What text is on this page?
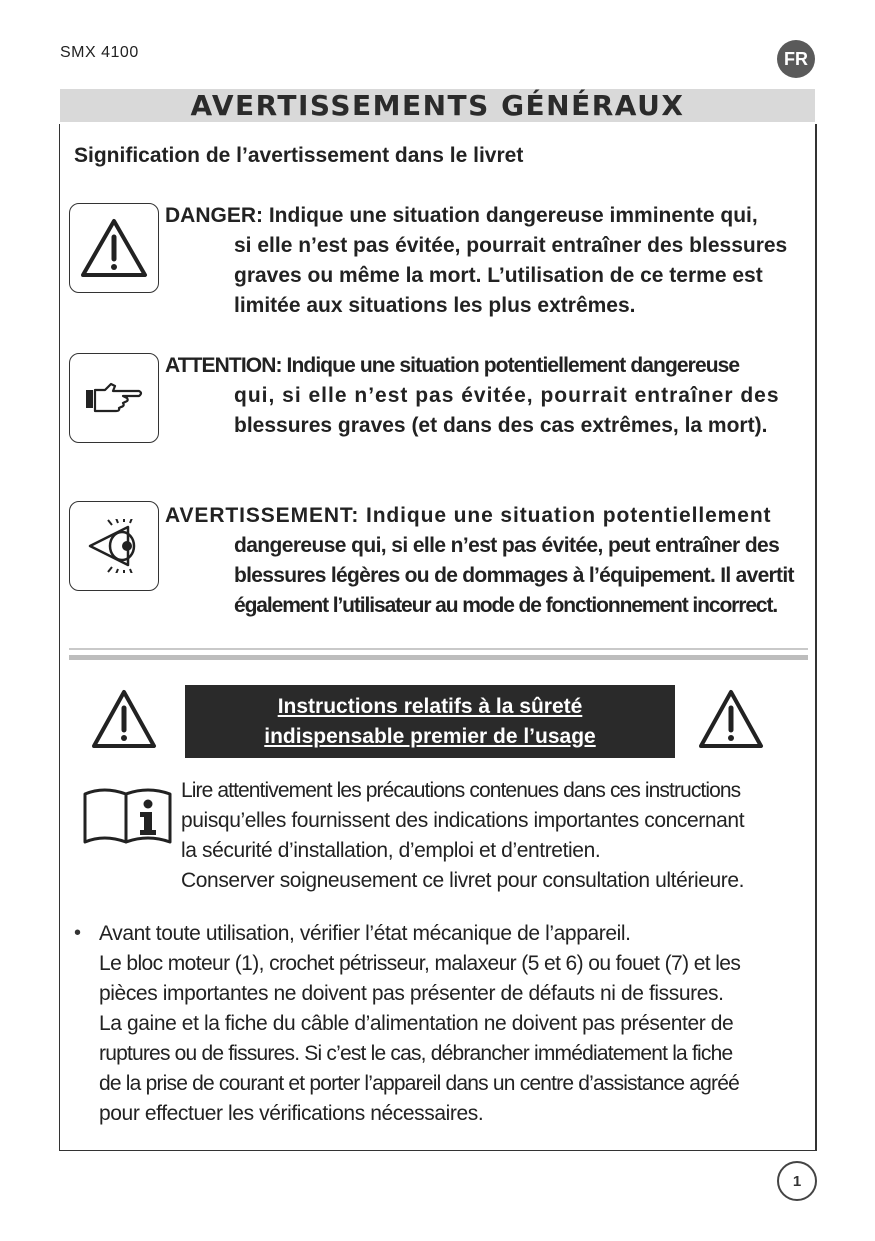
SMX 4100	FR
AVERTISSEMENTS GÉNÉRAUX
Signification de l’avertissement dans le livret
DANGER: Indique une situation dangereuse imminente qui,
si elle n’est pas évitée, pourrait entraîner des blessures
graves ou même la mort. L’utilisation de ce terme est
limitée aux situations les plus extrêmes.
ATTENTION: Indique une situation potentiellement dangereuse
qui, si elle n’est pas évitée, pourrait entraîner des
blessures graves (et dans des cas extrêmes, la mort).
AVERTISSEMENT: Indique une situation potentiellement
dangereuse qui, si elle n’est pas évitée, peut entraîner des
blessures légères ou de dommages à l’équipement. Il avertit
également l’utilisateur au mode de fonctionnement incorrect.
Instructions relatifs à la sûreté
indispensable premier de l’usage
Lire attentivement les précautions contenues dans ces instructions
puisqu’elles fournissent des indications importantes concernant
la sécurité d’installation, d’emploi et d’entretien.
Conserver soigneusement ce livret pour consultation ultérieure.
• Avant toute utilisation, vérifier l’état mécanique de l’appareil.
Le bloc moteur (1), crochet pétrisseur, malaxeur (5 et 6) ou fouet (7) et les
pièces importantes ne doivent pas présenter de défauts ni de fissures.
La gaine et la fiche du câble d’alimentation ne doivent pas présenter de
ruptures ou de fissures. Si c’est le cas, débrancher immédiatement la fiche
de la prise de courant et porter l’appareil dans un centre d’assistance agréé
pour effectuer les vérifications nécessaires.
1
